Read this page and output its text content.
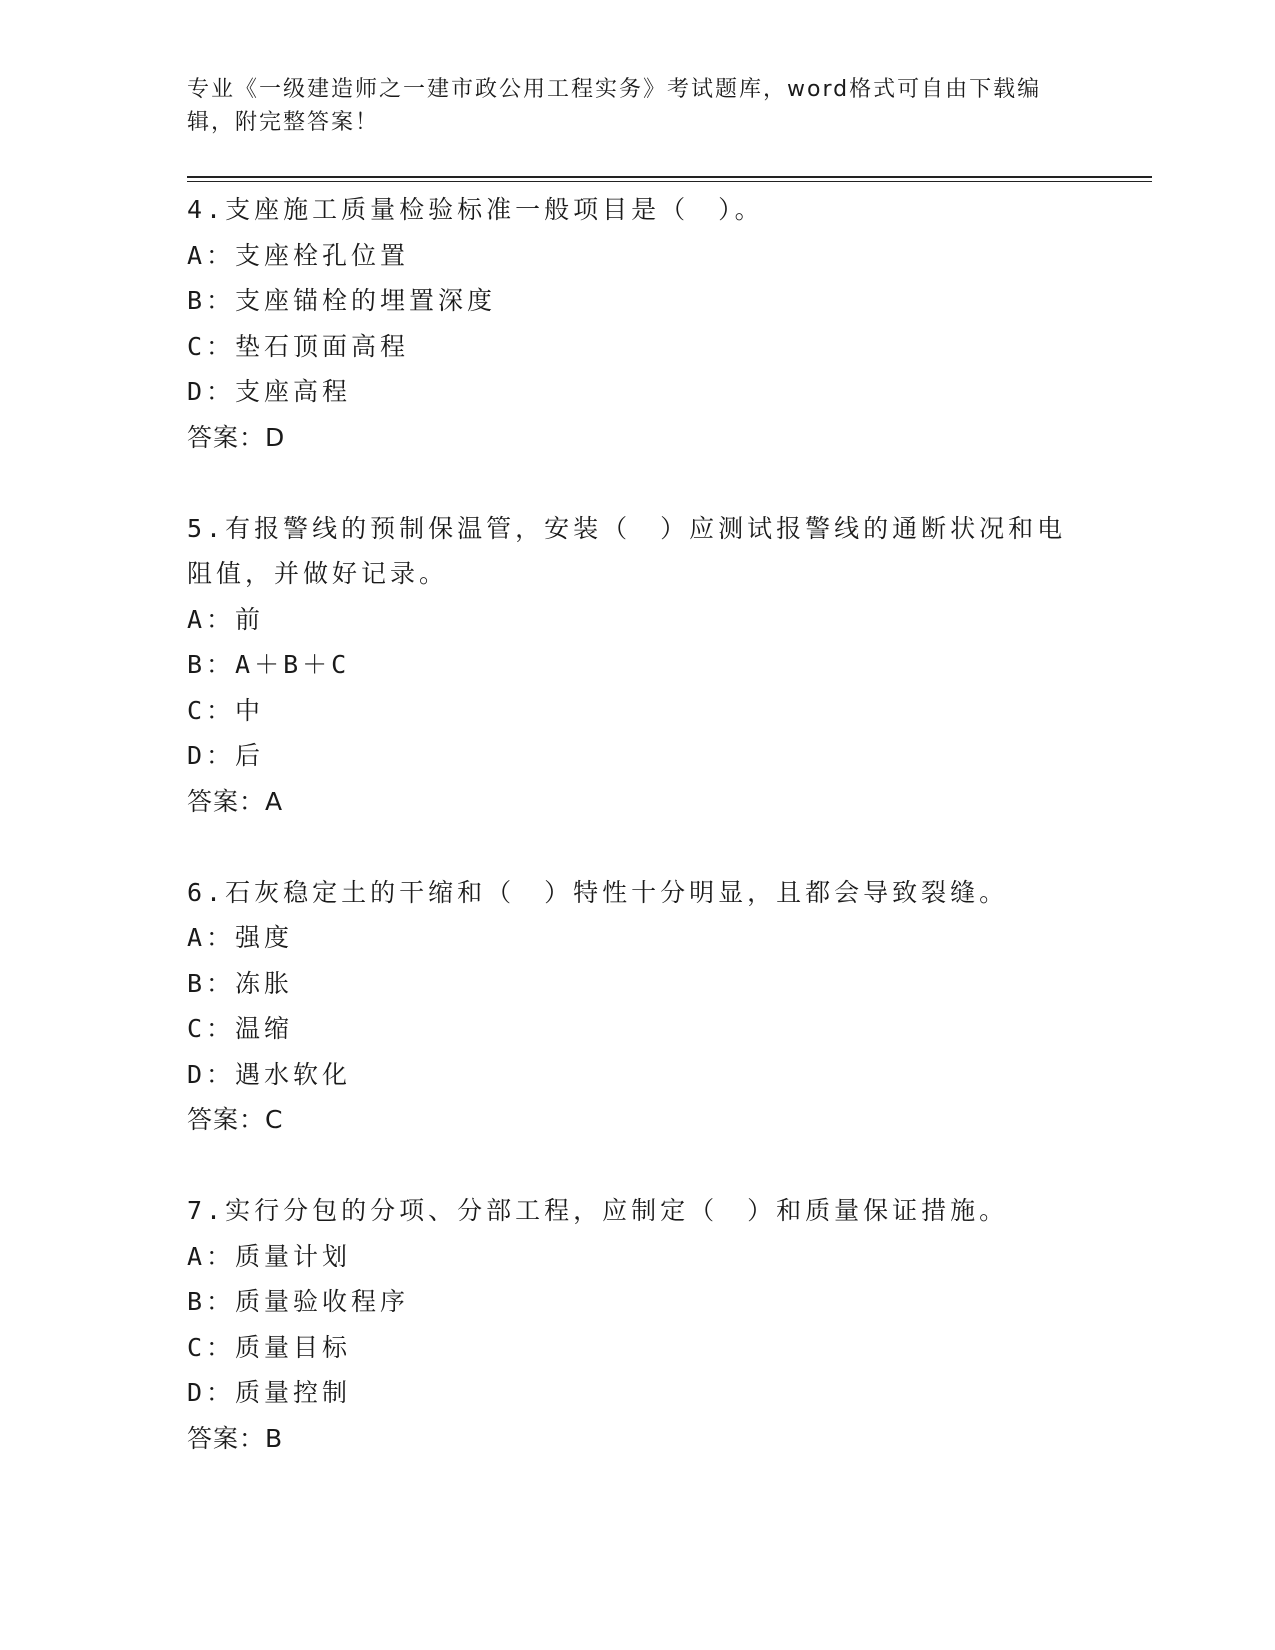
专业《一级建造师之一建市政公用工程实务》考试题库，word格式可自由下载编辑，附完整答案！

4.支座施工质量检验标准一般项目是（　）。

A：支座栓孔位置

B：支座锚栓的埋置深度

C：垫石顶面高程

D：支座高程

答案：D

5.有报警线的预制保温管，安装（　）应测试报警线的通断状况和电阻值，并做好记录。

A：前

B：A＋B＋C

C：中

D：后

答案：A

6.石灰稳定土的干缩和（　）特性十分明显，且都会导致裂缝。

A：强度

B：冻胀

C：温缩

D：遇水软化

答案：C

7.实行分包的分项、分部工程，应制定（　）和质量保证措施。

A：质量计划

B：质量验收程序

C：质量目标

D：质量控制

答案：B
